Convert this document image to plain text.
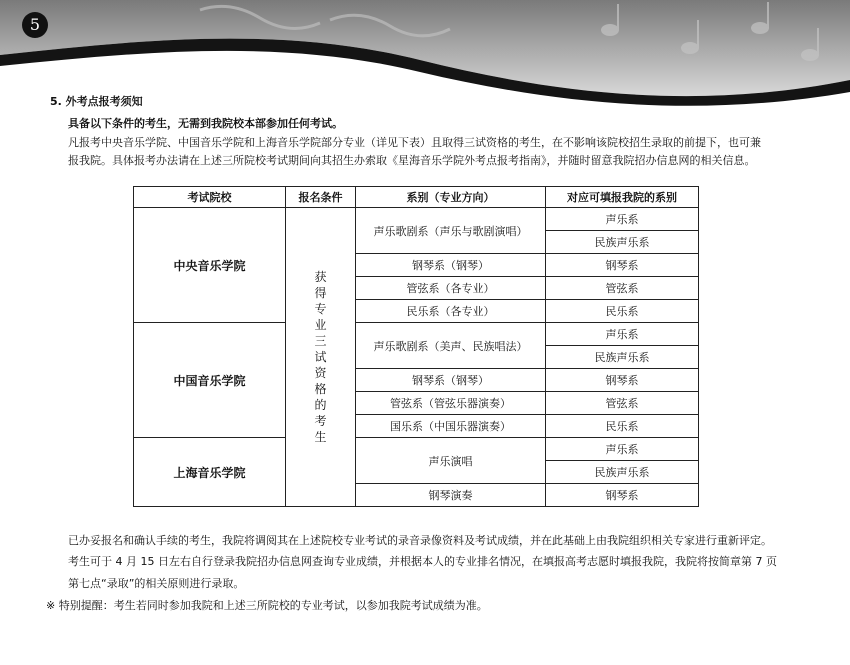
5
5. 外考点报考须知
具备以下条件的考生，无需到我院校本部参加任何考试。
凡报考中央音乐学院、中国音乐学院和上海音乐学院部分专业（详见下表）且取得三试资格的考生，在不影响该院校招生录取的前提下，也可兼
报我院。具体报考办法请在上述三所院校考试期间向其招生办索取《星海音乐学院外考点报考指南》，并随时留意我院招办信息网的相关信息。
考试院校	报名条件	系别（专业方向）	对应可填报我院的系别
中央音乐学院	获得专业三试资格的考生	声乐歌剧系（声乐与歌剧演唱）	声乐系
			民族声乐系
		钢琴系（钢琴）	钢琴系
		管弦系（各专业）	管弦系
		民乐系（各专业）	民乐系
中国音乐学院		声乐歌剧系（美声、民族唱法）	声乐系
			民族声乐系
		钢琴系（钢琴）	钢琴系
		管弦系（管弦乐器演奏）	管弦系
		国乐系（中国乐器演奏）	民乐系
上海音乐学院		声乐演唱	声乐系
			民族声乐系
		钢琴演奏	钢琴系
已办妥报名和确认手续的考生，我院将调阅其在上述院校专业考试的录音录像资料及考试成绩，并在此基础上由我院组织相关专家进行重新评定。
考生可于 4 月 15 日左右自行登录我院招办信息网查询专业成绩，并根据本人的专业排名情况，在填报高考志愿时填报我院，我院将按简章第 7 页
第七点“录取”的相关原则进行录取。
※ 特别提醒：考生若同时参加我院和上述三所院校的专业考试，以参加我院考试成绩为准。
